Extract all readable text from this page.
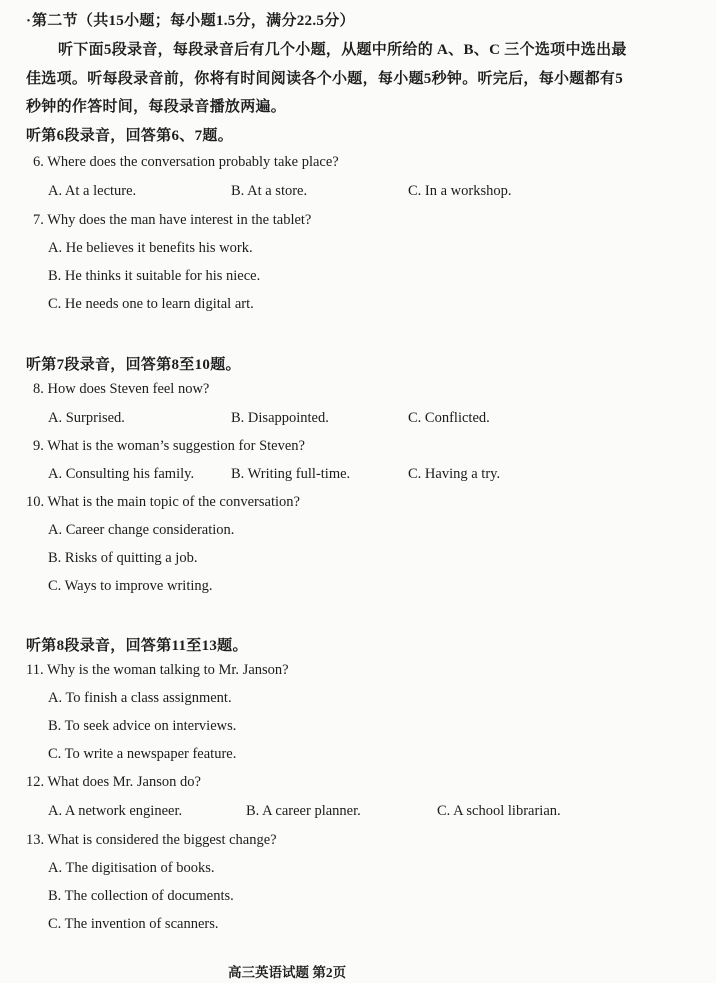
·第二节（共15小题；每小题1.5分，满分22.5分）
听下面5段录音，每段录音后有几个小题，从题中所给的 A、B、C 三个选项中选出最
佳选项。听每段录音前，你将有时间阅读各个小题，每小题5秒钟。听完后，每小题都有5
秒钟的作答时间，每段录音播放两遍。
听第6段录音，回答第6、7题。
6. Where does the conversation probably take place?
A. At a lecture.	B. At a store.	C. In a workshop.
7. Why does the man have interest in the tablet?
A. He believes it benefits his work.
B. He thinks it suitable for his niece.
C. He needs one to learn digital art.
听第7段录音，回答第8至10题。
8. How does Steven feel now?
A. Surprised.	B. Disappointed.	C. Conflicted.
9. What is the woman’s suggestion for Steven?
A. Consulting his family.	B. Writing full-time.	C. Having a try.
10. What is the main topic of the conversation?
A. Career change consideration.
B. Risks of quitting a job.
C. Ways to improve writing.
听第8段录音，回答第11至13题。
11. Why is the woman talking to Mr. Janson?
A. To finish a class assignment.
B. To seek advice on interviews.
C. To write a newspaper feature.
12. What does Mr. Janson do?
A. A network engineer.	B. A career planner.	C. A school librarian.
13. What is considered the biggest change?
A. The digitisation of books.
B. The collection of documents.
C. The invention of scanners.
高三英语试题 第2页
